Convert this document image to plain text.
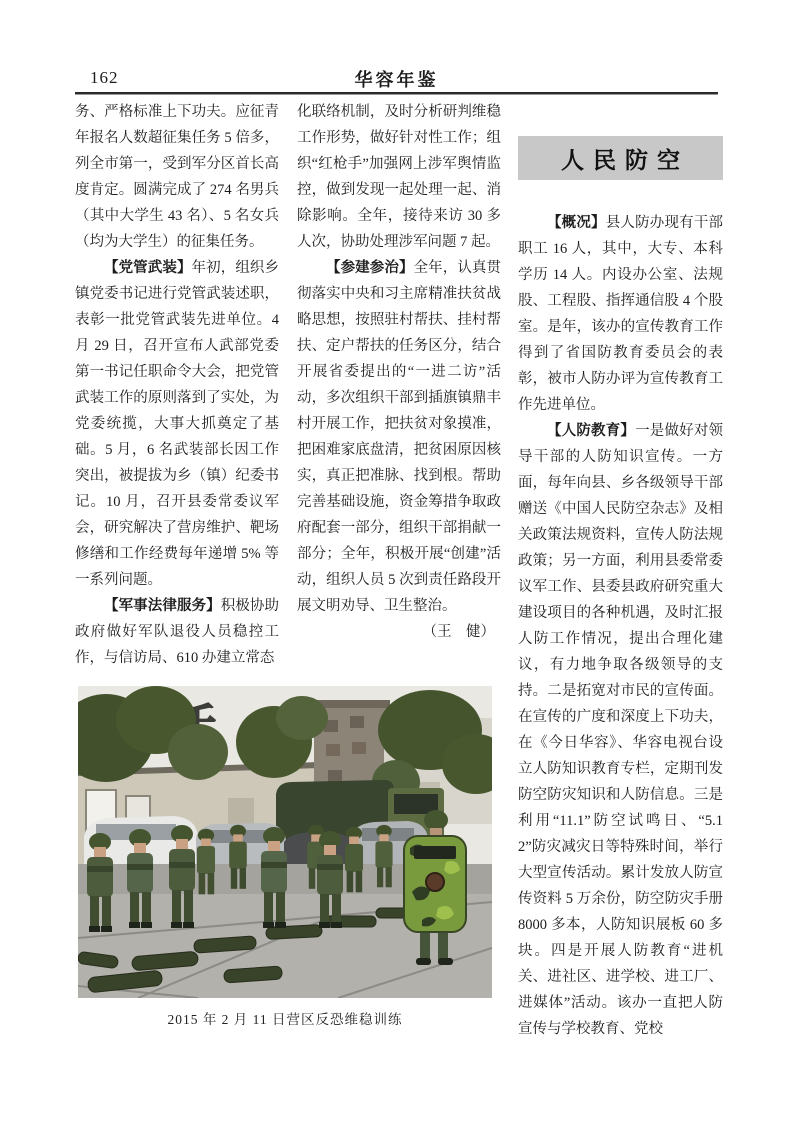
162	华容年鉴

务、严格标准上下功夫。应征青年报名人数超征集任务 5 倍多，列全市第一，受到军分区首长高度肯定。圆满完成了 274 名男兵（其中大学生 43 名）、5 名女兵（均为大学生）的征集任务。

【党管武装】年初，组织乡镇党委书记进行党管武装述职，表彰一批党管武装先进单位。4 月 29 日，召开宣布人武部党委第一书记任职命令大会，把党管武装工作的原则落到了实处，为党委统揽，大事大抓奠定了基础。5 月，6 名武装部长因工作突出，被提拔为乡（镇）纪委书记。10 月，召开县委常委议军会，研究解决了营房维护、靶场修缮和工作经费每年递增 5% 等一系列问题。

【军事法律服务】积极协助政府做好军队退役人员稳控工作，与信访局、610 办建立常态

化联络机制，及时分析研判维稳工作形势，做好针对性工作；组织“红枪手”加强网上涉军舆情监控，做到发现一起处理一起、消除影响。全年，接待来访 30 多人次，协助处理涉军问题 7 起。

【参建参治】全年，认真贯彻落实中央和习主席精准扶贫战略思想，按照驻村帮扶、挂村帮扶、定户帮扶的任务区分，结合开展省委提出的“一进二访”活动，多次组织干部到插旗镇鼎丰村开展工作，把扶贫对象摸准，把困难家底盘清，把贫困原因核实，真正把准脉、找到根。帮助完善基础设施，资金筹措争取政府配套一部分，组织干部捐献一部分；全年，积极开展“创建”活动，组织人员 5 次到责任路段开展文明劝导、卫生整治。

（王　健）

人民防空

【概况】县人防办现有干部职工 16 人，其中，大专、本科学历 14 人。内设办公室、法规股、工程股、指挥通信股 4 个股室。是年，该办的宣传教育工作得到了省国防教育委员会的表彰，被市人防办评为宣传教育工作先进单位。

【人防教育】一是做好对领导干部的人防知识宣传。一方面，每年向县、乡各级领导干部赠送《中国人民防空杂志》及相关政策法规资料，宣传人防法规政策；另一方面，利用县委常委议军工作、县委县政府研究重大建设项目的各种机遇，及时汇报人防工作情况，提出合理化建议，有力地争取各级领导的支持。二是拓宽对市民的宣传面。在宣传的广度和深度上下功夫，在《今日华容》、华容电视台设立人防知识教育专栏，定期刊发防空防灾知识和人防信息。三是利用“11.1”防空试鸣日、“5.12”防灾减灾日等特殊时间，举行大型宣传活动。累计发放人防宣传资料 5 万余份，防空防灾手册 8000 多本，人防知识展板 60 多块。四是开展人防教育“进机关、进社区、进学校、进工厂、进媒体”活动。该办一直把人防宣传与学校教育、党校

2015 年 2 月 11 日营区反恐维稳训练
